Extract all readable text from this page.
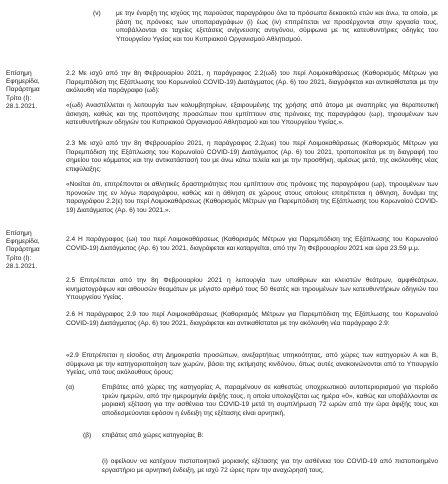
(v) με την έναρξη της ισχύος της παρούσας παραγράφου όλα τα πρόσωπα δεκαοκτώ ετών και άνω, τα οποία, με βάση τις πρόνοιες των υποπαραγράφων (i) έως (iv) επιτρέπεται να προσέρχονται στην εργασία τους, υποβάλλονται σε ταχείες εξετάσεις ανίχνευσης αντιγόνου, σύμφωνα με τις κατευθυντήριες οδηγίες του Υπουργείου Υγείας και του Κυπριακού Οργανισμού Αθλητισμού.
Επίσημη
Εφημερίδα,
Παράρτημα
Τρίτο (Ι):
28.1.2021.
2.2 Με ισχύ από την 8η Φεβρουαρίου 2021, η παράγραφος 2.2(ωδ) του περί Λοιμοκαθάρσεως (Καθορισμός Μέτρων για Παρεμπόδιση της Εξάπλωσης του Κορωνοϊού COVID-19) Διατάγματος (Αρ. 6) του 2021, διαγράφεται και αντικαθίσταται με την ακόλουθη νέα παράγραφο (ωδ):
«(ωδ) Αναστέλλεται η λειτουργία των κολυμβητηρίων, εξαιρουμένης της χρήσης από άτομα με αναπηρίες για θεραπευτική άσκηση, καθώς και της προπόνησης προσώπων που εμπίπτουν στις πρόνοιες της παραγράφου (ωρ), τηρουμένων των κατευθυντήριων οδηγιών του Κυπριακού Οργανισμού Αθλητισμού και του Υπουργείου Υγείας.».
2.3 Με ισχύ από την 8η Φεβρουαρίου 2021, η παράγραφος 2.2(ωε) του περί Λοιμοκαθάρσεως (Καθορισμός Μέτρων για Παρεμπόδιση της Εξάπλωσης του Κορωνοϊού COVID-19) Διατάγματος (Αρ. 6) του 2021, τροποποιείται με τη διαγραφή του σημείου του κόμματος και την αντικατάστασή του με άνω κάτω τελεία και με την προσθήκη, αμέσως μετά, της ακόλουθης νέας επιφύλαξης:
«Νοείται ότι, επιτρέπονται οι αθλητικές δραστηριότητες που εμπίπτουν στις πρόνοιες της παραγράφου (ωρ), τηρουμένων των προνοιών της εν λόγω παραγράφου, καθώς και η άθληση σε χώρους στους οποίους επιτρέπεται η άθληση, δυνάμει της παραγράφου 2.2(ε) του περί Λοιμοκαθάρσεως (Καθορισμός Μέτρων για Παρεμπόδιση της Εξάπλωσης του Κορωνοϊού COVID-19) Διατάγματος (Αρ. 6) του 2021.».
Επίσημη
Εφημερίδα,
Παράρτημα
Τρίτο (Ι):
28.1.2021.
2.4 Η παράγραφος (ωι) του περί Λοιμοκαθάρσεως (Καθορισμός Μέτρων για Παρεμπόδιση της Εξάπλωσης του Κορωνοϊού COVID-19) Διατάγματος (Αρ. 6) του 2021, διαγράφεται και καταργείται, από την 7η Φεβρουαρίου 2021 και ώρα 23.59 μ.μ.
2.5 Επιτρέπεται από την 8η Φεβρουαρίου 2021 η λειτουργία των υπαίθριων και κλειστών θεάτρων, αμφιθεάτρων, κινηματογράφων και αιθουσών θεαμάτων με μέγιστο αριθμό τους 50 θεατές και τηρουμένων των κατευθυντήριων οδηγιών του Υπουργείου Υγείας.
2.6 Η παράγραφος 2.9 του περί Λοιμοκαθάρσεως (Καθορισμός Μέτρων για Παρεμπόδιση της Εξάπλωσης του Κορωνοϊού COVID-19) Διατάγματος (Αρ. 6) του 2021, διαγράφεται και αντικαθίσταται με την ακόλουθη νέα παράγραφο 2.9:
«2.9 Επιτρέπεται η είσοδος στη Δημοκρατία προσώπων, ανεξαρτήτως υπηκοότητας, από χώρες των κατηγοριών Α και Β, σύμφωνα με την κατηγοριοποίηση των χωρών, βάσει της εκτίμησης κινδύνου, όπως αυτές ανακοινώνονται από το Υπουργείο Υγείας, υπό τους ακόλουθους όρους:
(α)	Επιβάτες από χώρες της κατηγορίας Α, παραμένουν σε καθεστώς υποχρεωτικού αυτοπεριορισμού για περίοδο τριών ημερών, από την ημερομηνία άφιξής τους, η οποία υπολογίζεται ως ημέρα «0», καθώς και υποβάλλονται σε μοριακή εξέταση για την ασθένεια του COVID-19 μετά τη συμπλήρωση 72 ωρών από την ώρα άφιξής τους και αποδεσμεύονται εφόσον η ένδειξη της εξέτασης είναι αρνητική,
(β) επιβάτες από χώρες κατηγορίας Β:
(i) οφείλουν να κατέχουν πιστοποιητικό μοριακής εξέτασης για την ασθένεια του COVID-19 από πιστοποιημένο εργαστήριο με αρνητική ένδειξη, με ισχύ 72 ώρες πριν την αναχώρησή τους,
